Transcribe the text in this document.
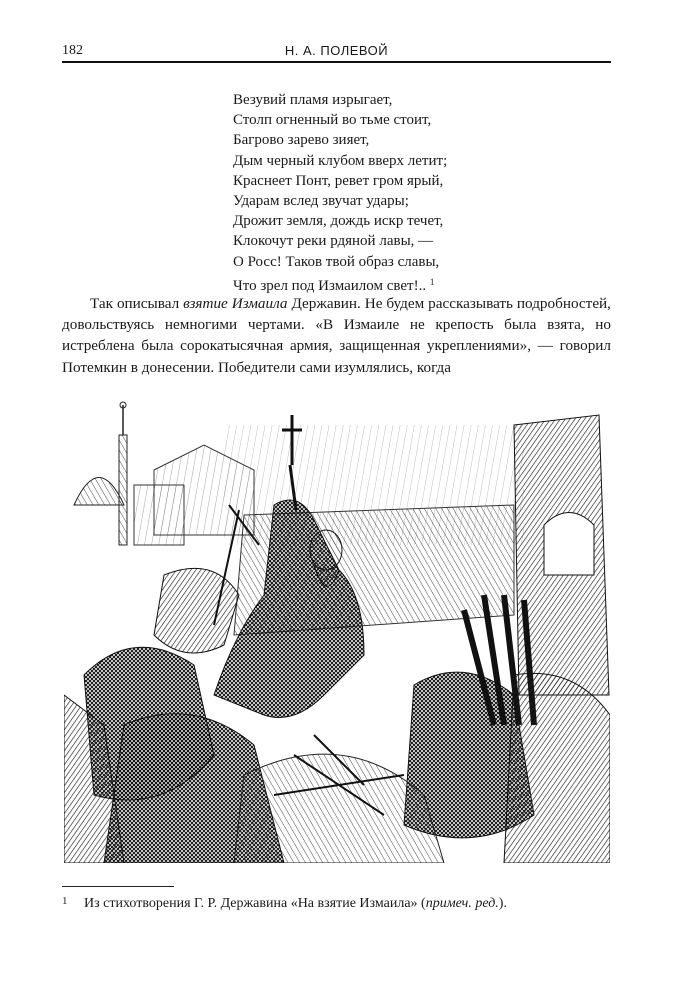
182	Н. А. ПОЛЕВОЙ
Везувий пламя изрыгает,
Столп огненный во тьме стоит,
Багрово зарево зияет,
Дым черный клубом вверх летит;
Краснеет Понт, ревет гром ярый,
Ударам вслед звучат удары;
Дрожит земля, дождь искр течет,
Клокочут реки рдяной лавы, —
О Росс! Таков твой образ славы,
Что зрел под Измаилом свет!.. $^1$
Так описывал взятие Измаила Державин. Не будем рассказывать подробностей, довольствуясь немногими чертами. «В Измаиле не крепость была взята, но истреблена была сорокатысячная армия, защищенная укреплениями», — говорил Потемкин в донесении. Победители сами изумлялись, когда
1 Из стихотворения Г. Р. Державина «На взятие Измаила» (примеч. ред.).
